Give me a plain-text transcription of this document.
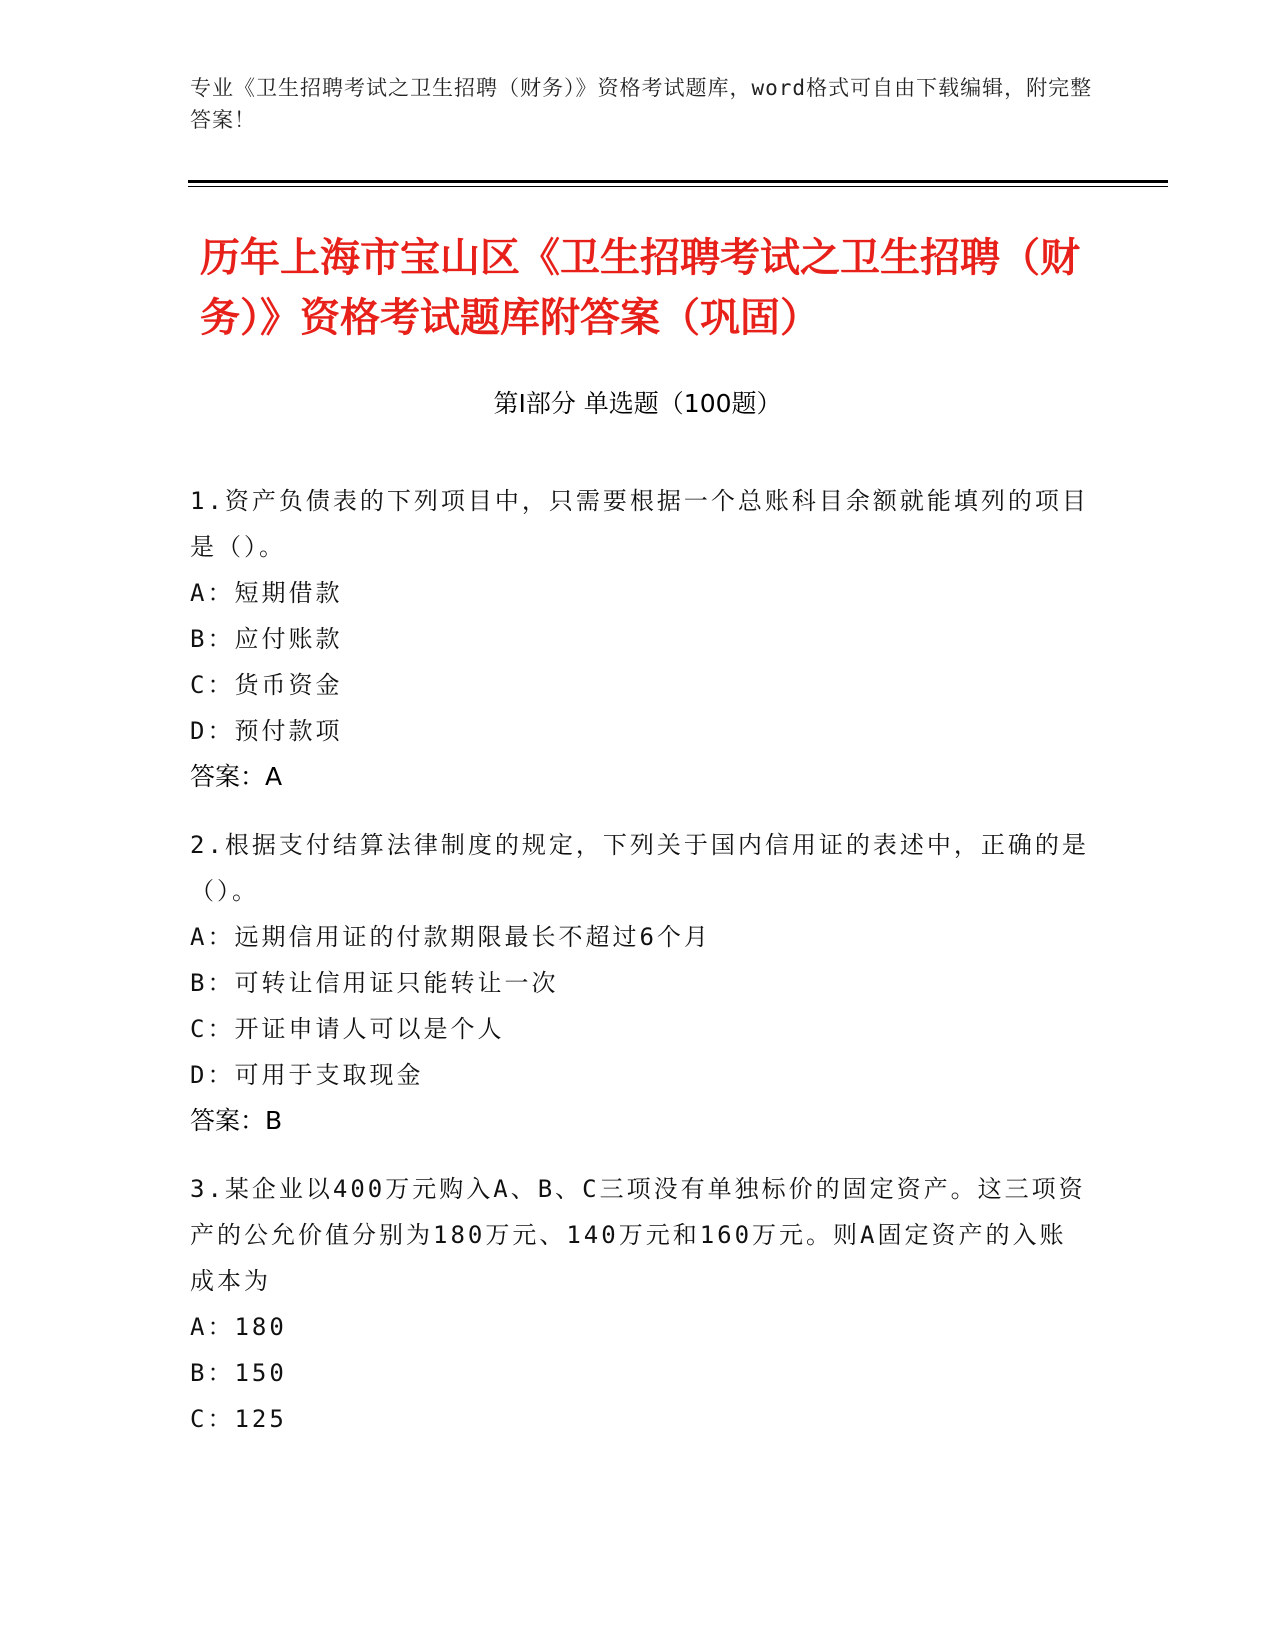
专业《卫生招聘考试之卫生招聘（财务）》资格考试题库，word格式可自由下载编辑，附完整答案！
历年上海市宝山区《卫生招聘考试之卫生招聘（财务）》资格考试题库附答案（巩固）
第Ⅰ部分 单选题（100题）

1.资产负债表的下列项目中，只需要根据一个总账科目余额就能填列的项目是（）。

A：短期借款

B：应付账款

C：货币资金

D：预付款项

答案：A

2.根据支付结算法律制度的规定，下列关于国内信用证的表述中，正确的是（）。

A：远期信用证的付款期限最长不超过6个月

B：可转让信用证只能转让一次

C：开证申请人可以是个人

D：可用于支取现金

答案：B

3.某企业以400万元购入A、B、C三项没有单独标价的固定资产。这三项资产的公允价值分别为180万元、140万元和160万元。则A固定资产的入账成本为

A：180

B：150

C：125
